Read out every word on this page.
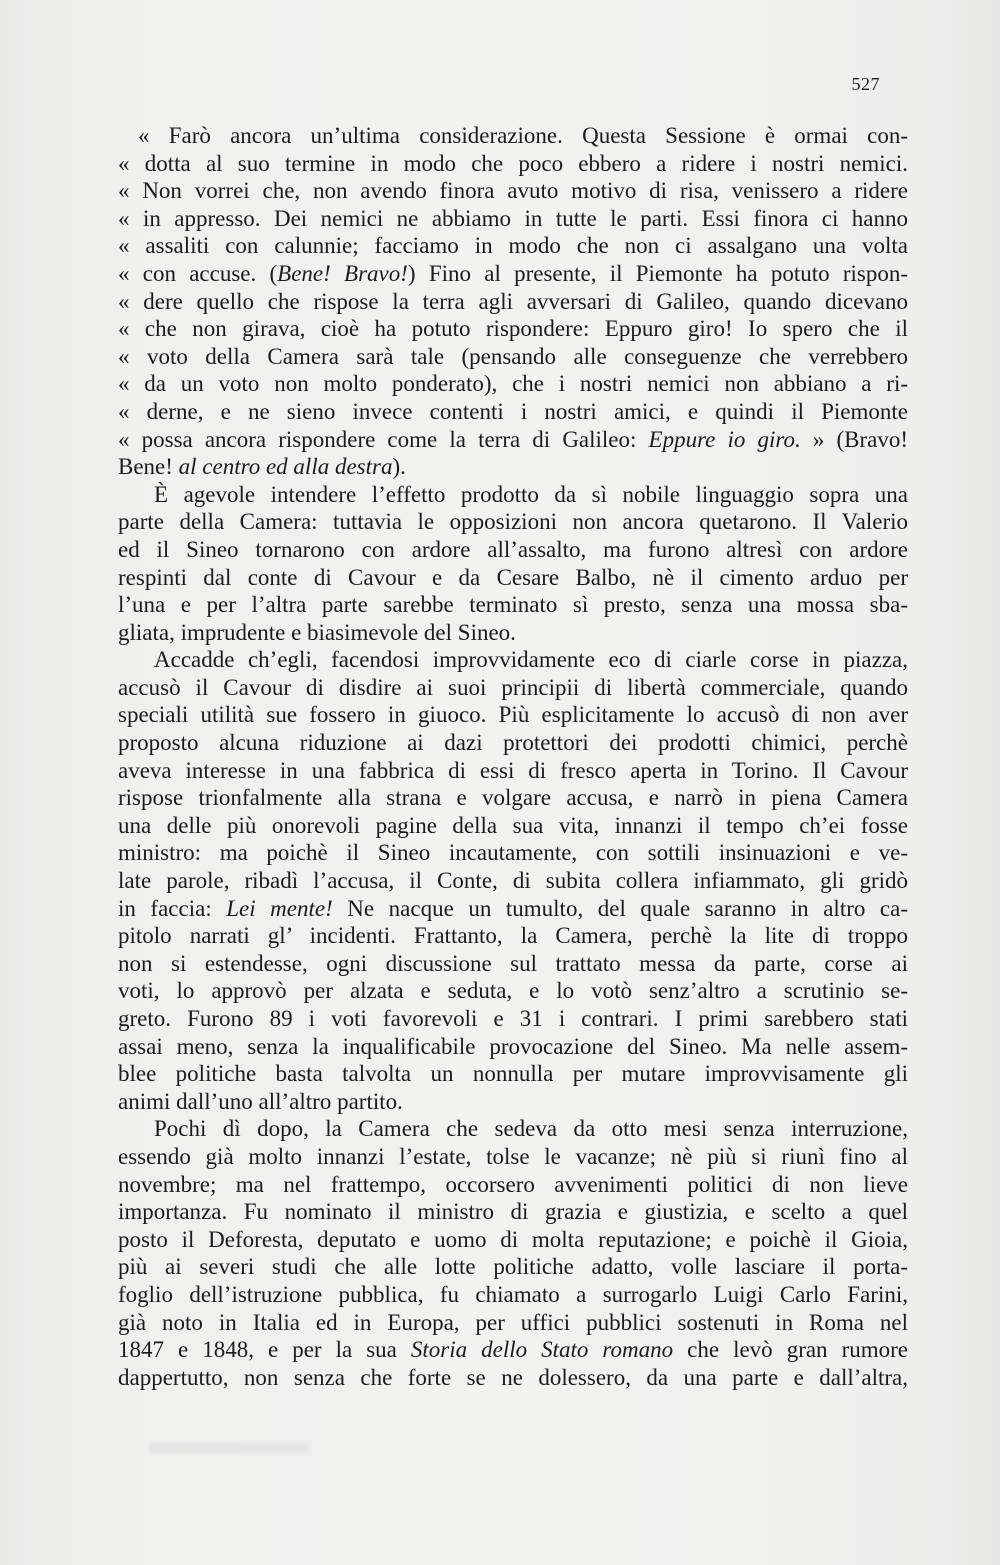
527
« Farò ancora un’ultima considerazione. Questa Sessione è ormai con-
« dotta al suo termine in modo che poco ebbero a ridere i nostri nemici.
« Non vorrei che, non avendo finora avuto motivo di risa, venissero a ridere
« in appresso. Dei nemici ne abbiamo in tutte le parti. Essi finora ci hanno
« assaliti con calunnie; facciamo in modo che non ci assalgano una volta
« con accuse. (Bene! Bravo!) Fino al presente, il Piemonte ha potuto rispon-
« dere quello che rispose la terra agli avversari di Galileo, quando dicevano
« che non girava, cioè ha potuto rispondere: Eppuro giro! Io spero che il
« voto della Camera sarà tale (pensando alle conseguenze che verrebbero
« da un voto non molto ponderato), che i nostri nemici non abbiano a ri-
« derne, e ne sieno invece contenti i nostri amici, e quindi il Piemonte
« possa ancora rispondere come la terra di Galileo: Eppure io giro. » (Bravo!
Bene! al centro ed alla destra).
È agevole intendere l’effetto prodotto da sì nobile linguaggio sopra una
parte della Camera: tuttavia le opposizioni non ancora quetarono. Il Valerio
ed il Sineo tornarono con ardore all’assalto, ma furono altresì con ardore
respinti dal conte di Cavour e da Cesare Balbo, nè il cimento arduo per
l’una e per l’altra parte sarebbe terminato sì presto, senza una mossa sba-
gliata, imprudente e biasimevole del Sineo.
Accadde ch’egli, facendosi improvvidamente eco di ciarle corse in piazza,
accusò il Cavour di disdire ai suoi principii di libertà commerciale, quando
speciali utilità sue fossero in giuoco. Più esplicitamente lo accusò di non aver
proposto alcuna riduzione ai dazi protettori dei prodotti chimici, perchè
aveva interesse in una fabbrica di essi di fresco aperta in Torino. Il Cavour
rispose trionfalmente alla strana e volgare accusa, e narrò in piena Camera
una delle più onorevoli pagine della sua vita, innanzi il tempo ch’ei fosse
ministro: ma poichè il Sineo incautamente, con sottili insinuazioni e ve-
late parole, ribadì l’accusa, il Conte, di subita collera infiammato, gli gridò
in faccia: Lei mente! Ne nacque un tumulto, del quale saranno in altro ca-
pitolo narrati gl’ incidenti. Frattanto, la Camera, perchè la lite di troppo
non si estendesse, ogni discussione sul trattato messa da parte, corse ai
voti, lo approvò per alzata e seduta, e lo votò senz’altro a scrutinio se-
greto. Furono 89 i voti favorevoli e 31 i contrari. I primi sarebbero stati
assai meno, senza la inqualificabile provocazione del Sineo. Ma nelle assem-
blee politiche basta talvolta un nonnulla per mutare improvvisamente gli
animi dall’uno all’altro partito.
Pochi dì dopo, la Camera che sedeva da otto mesi senza interruzione,
essendo già molto innanzi l’estate, tolse le vacanze; nè più si riunì fino al
novembre; ma nel frattempo, occorsero avvenimenti politici di non lieve
importanza. Fu nominato il ministro di grazia e giustizia, e scelto a quel
posto il Deforesta, deputato e uomo di molta reputazione; e poichè il Gioia,
più ai severi studi che alle lotte politiche adatto, volle lasciare il porta-
foglio dell’istruzione pubblica, fu chiamato a surrogarlo Luigi Carlo Farini,
già noto in Italia ed in Europa, per uffici pubblici sostenuti in Roma nel
1847 e 1848, e per la sua Storia dello Stato romano che levò gran rumore
dappertutto, non senza che forte se ne dolessero, da una parte e dall’altra,
